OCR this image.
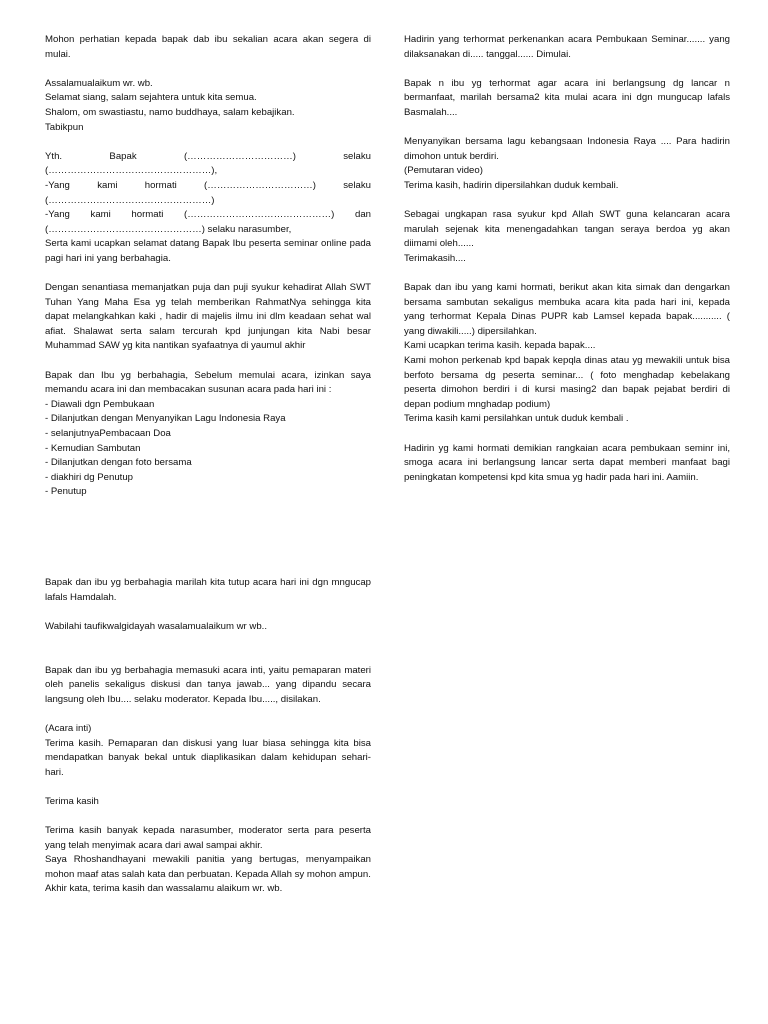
Mohon perhatian kepada bapak dab ibu sekalian acara akan segera di mulai.

Assalamualaikum wr. wb.

Selamat siang, salam sejahtera untuk kita semua.

Shalom, om swastiastu, namo buddhaya, salam kebajikan.

Tabikpun

Yth. Bapak (……………………………) selaku

(……………………………………………),

-Yang kami hormati (……………………………) selaku

(……………………………………………)

-Yang kami hormati (………………………………………) dan

(…………………………………………) selaku narasumber,

Serta kami ucapkan selamat datang Bapak Ibu peserta seminar online pada pagi hari ini yang berbahagia.

Dengan senantiasa memanjatkan puja dan puji syukur kehadirat Allah SWT Tuhan Yang Maha Esa yg telah memberikan RahmatNya sehingga kita dapat melangkahkan kaki , hadir di majelis ilmu ini dlm keadaan sehat wal afiat. Shalawat serta salam tercurah kpd junjungan kita Nabi besar Muhammad SAW yg kita nantikan syafaatnya di yaumul akhir

Bapak dan Ibu yg berbahagia, Sebelum memulai acara, izinkan saya memandu acara ini dan membacakan susunan acara pada hari ini :

- Diawali dgn Pembukaan

- Dilanjutkan dengan Menyanyikan Lagu Indonesia Raya

- selanjutnyaPembacaan Doa

- Kemudian Sambutan

- Dilanjutkan dengan foto bersama

- diakhiri dg Penutup

- Penutup

Bapak dan ibu yg berbahagia marilah kita tutup acara hari ini dgn mngucap lafals Hamdalah.

Wabilahi taufikwalgidayah wasalamualaikum wr wb..

Bapak dan ibu yg berbahagia memasuki acara inti, yaitu pemaparan materi oleh panelis sekaligus diskusi dan tanya jawab... yang dipandu secara langsung oleh Ibu.... selaku moderator. Kepada Ibu....., disilakan.

(Acara inti)

Terima kasih. Pemaparan dan diskusi yang luar biasa sehingga kita bisa mendapatkan banyak bekal untuk diaplikasikan dalam kehidupan sehari-hari.

Terima kasih

Terima kasih banyak kepada narasumber, moderator serta para peserta yang telah menyimak acara dari awal sampai akhir.

Saya Rhoshandhayani mewakili panitia yang bertugas, menyampaikan mohon maaf atas salah kata dan perbuatan. Kepada Allah sy mohon ampun.

Akhir kata, terima kasih dan wassalamu alaikum wr. wb.

Hadirin yang terhormat perkenankan acara Pembukaan Seminar....... yang dilaksanakan di..... tanggal...... Dimulai.

Bapak n ibu yg terhormat agar acara ini berlangsung dg lancar n bermanfaat, marilah bersama2 kita mulai acara ini dgn mungucap lafals Basmalah....

Menyanyikan bersama lagu kebangsaan Indonesia Raya .... Para hadirin dimohon untuk berdiri.

(Pemutaran video)

Terima kasih, hadirin dipersilahkan duduk kembali.

Sebagai ungkapan rasa syukur kpd Allah SWT guna kelancaran acara marulah sejenak kita menengadahkan tangan seraya berdoa yg akan diimami oleh......

Terimakasih....

Bapak dan ibu yang kami hormati, berikut akan kita simak dan dengarkan bersama sambutan sekaligus membuka acara kita pada hari ini, kepada yang terhormat Kepala Dinas PUPR kab Lamsel kepada bapak........... ( yang diwakili.....) dipersilahkan.

Kami ucapkan terima kasih. kepada bapak....

Kami mohon perkenab kpd bapak kepqla dinas atau yg mewakili untuk bisa berfoto bersama dg peserta seminar... ( foto menghadap kebelakang peserta dimohon berdiri i di kursi masing2 dan bapak pejabat berdiri di depan podium mnghadap podium)

Terima kasih kami persilahkan untuk duduk kembali .

Hadirin yg kami hormati demikian rangkaian acara pembukaan seminr ini, smoga acara ini berlangsung lancar serta dapat memberi manfaat bagi peningkatan kompetensi kpd kita smua yg hadir pada hari ini. Aamiin.
